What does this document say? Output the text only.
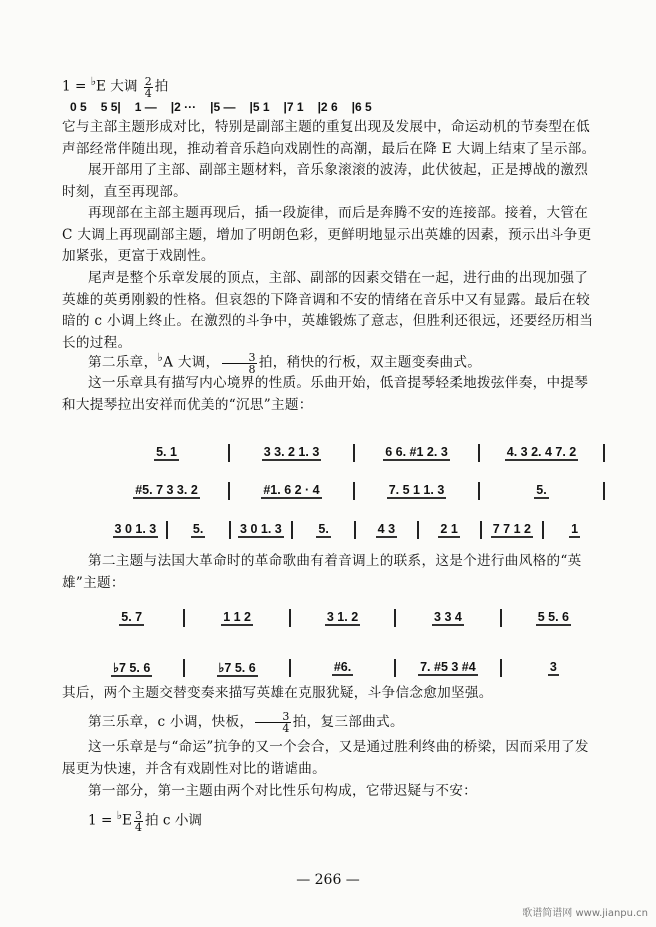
1 = ♭E 大调 $\frac{2}{4}$ 拍
0 5 5 5| 1 — |2 ··· |5 — |5 1 |7 1 |2 6 |6 5
它与主部主题形成对比，特别是副部主题的重复出现及发展中，命运动机的节奏型在低声部经常伴随出现，推动着音乐趋向戏剧性的高潮，最后在降 E 大调上结束了呈示部。
展开部用了主部、副部主题材料，音乐象滚滚的波涛，此伏彼起，正是搏战的激烈时刻，直至再现部。
再现部在主部主题再现后，插一段旋律，而后是奔腾不安的连接部。接着，大管在 C 大调上再现副部主题，增加了明朗色彩，更鲜明地显示出英雄的因素，预示出斗争更加紧张，更富于戏剧性。
尾声是整个乐章发展的顶点，主部、副部的因素交错在一起，进行曲的出现加强了英雄的英勇刚毅的性格。但哀怨的下降音调和不安的情绪在音乐中又有显露。最后在较暗的 c 小调上终止。在激烈的斗争中，英雄锻炼了意志，但胜利还很远，还要经历相当长的过程。
第二乐章，♭A 大调， $\frac{3}{8}$ 拍，稍快的行板，双主题变奏曲式。
这一乐章具有描写内心境界的性质。乐曲开始，低音提琴轻柔地拨弦伴奏，中提琴和大提琴拉出安祥而优美的“沉思”主题：
5. 1	3 3. 2 1. 3	6 6. #1 2. 3	4. 3 2. 4 7. 2
#5. 7 3 3. 2	#1. 6 2 · 4	7. 5 1 1. 3	5.
3 0 1. 3	5.	3 0 1. 3	5.	4 3	2 1	7 7 1 2	1
第二主题与法国大革命时的革命歌曲有着音调上的联系，这是个进行曲风格的“英雄”主题：
5. 7	1 1 2	3 1. 2	3 3 4	5 5. 6
♭7 5. 6	♭7 5. 6	#6.	7. #5 3 #4	3
其后，两个主题交替变奏来描写英雄在克服犹疑，斗争信念愈加坚强。
第三乐章，c 小调，快板， $\frac{3}{4}$ 拍，复三部曲式。
这一乐章是与“命运”抗争的又一个会合，又是通过胜利终曲的桥梁，因而采用了发展更为快速，并含有戏剧性对比的谐谑曲。
第一部分，第一主题由两个对比性乐句构成，它带迟疑与不安：
$1 = ^♭E \frac{3}{4}$ 拍 c 小调
— 266 —
歌谱简谱网 www.jianpu.cn
